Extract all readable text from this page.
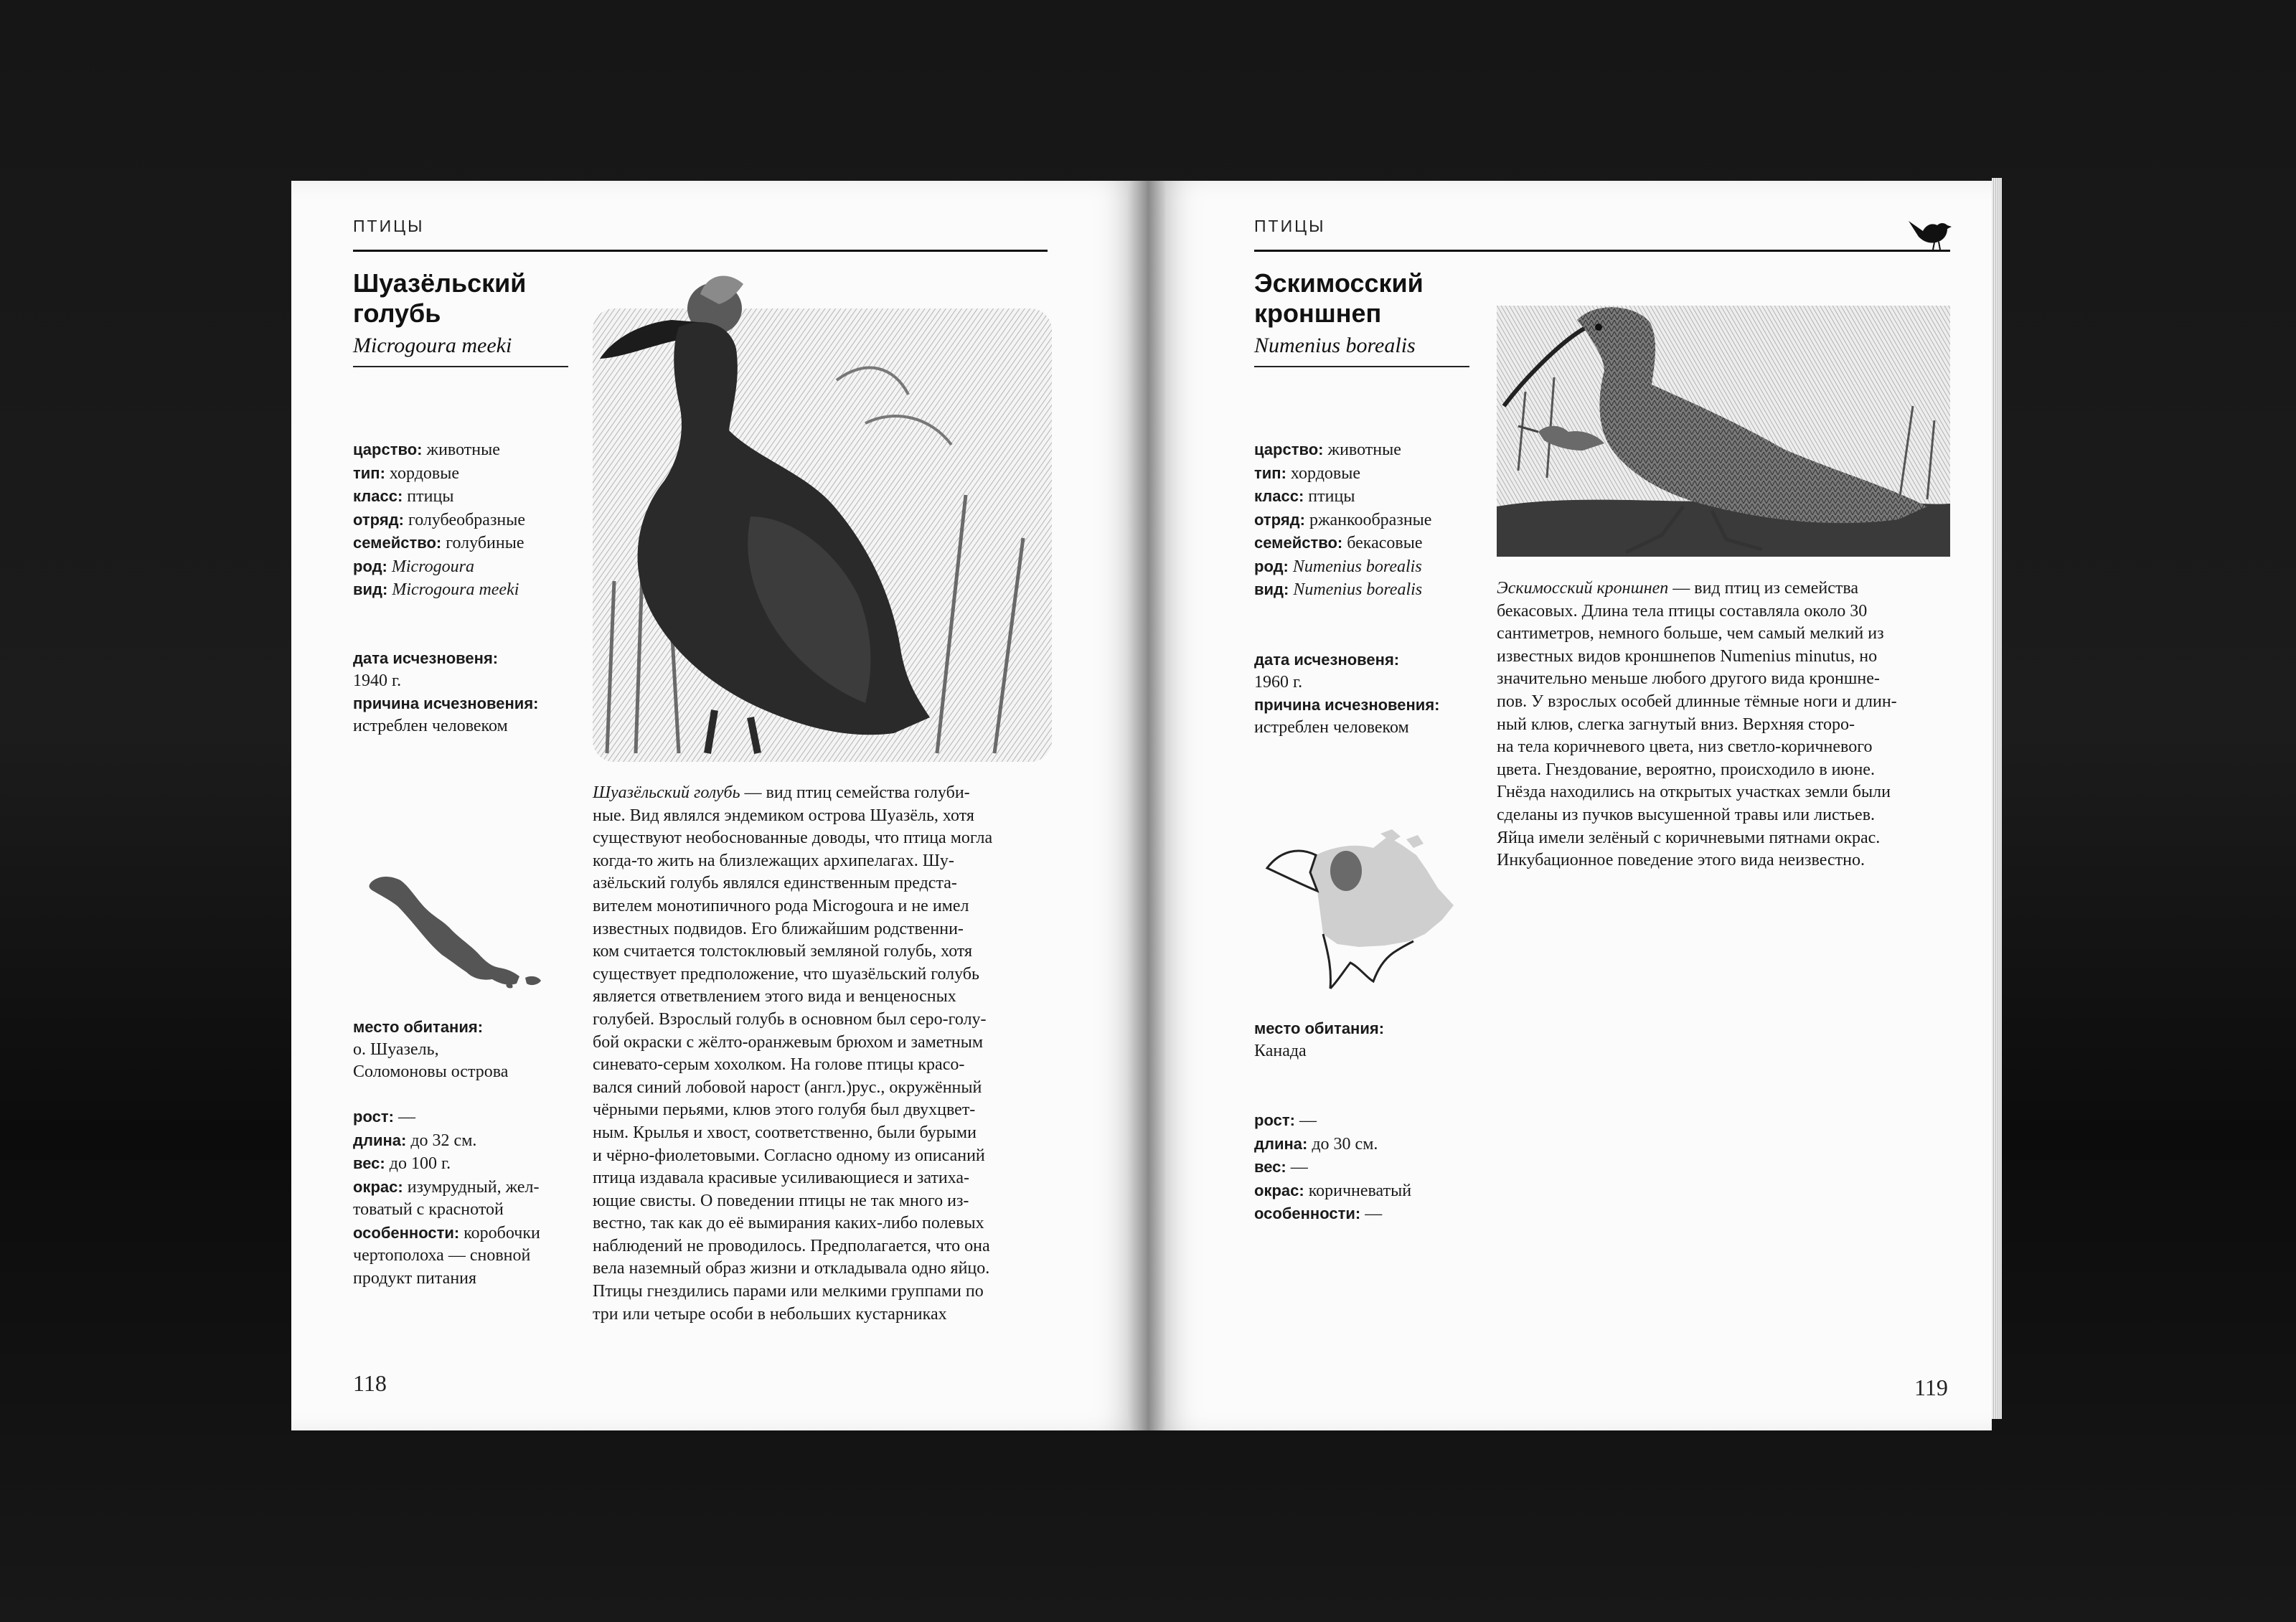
ПТИЦЫ
Шуазёльский
голубь
Microgoura meeki
царство: животные
тип: хордовые
класс: птицы
отряд: голубеобразные
семейство: голубиные
род: Microgoura
вид: Microgoura meeki
дата исчезновеня:
1940 г.
причина исчезновения:
истреблен человеком
место обитания:
о. Шуазель,
Соломоновы острова
рост: —
длина: до 32 см.
вес: до 100 г.
окрас: изумрудный, жел-
товатый с краснотой
особенности: коробочки
чертополоха — сновной
продукт питания
Шуазёльский голубь — вид птиц семейства голуби-
ные. Вид являлся эндемиком острова Шуазёль, хотя
существуют необоснованные доводы, что птица могла
когда-то жить на близлежащих архипелагах. Шу-
азёльский голубь являлся единственным предста-
вителем монотипичного рода Microgoura и не имел
известных подвидов. Его ближайшим родственни-
ком считается толстоклювый земляной голубь, хотя
существует предположение, что шуазёльский голубь
является ответвлением этого вида и венценосных
голубей. Взрослый голубь в основном был серо-голу-
бой окраски с жёлто-оранжевым брюхом и заметным
синевато-серым хохолком. На голове птицы красо-
вался синий лобовой нарост (англ.)рус., окружённый
чёрными перьями, клюв этого голубя был двухцвет-
ным. Крылья и хвост, соответственно, были бурыми
и чёрно-фиолетовыми. Согласно одному из описаний
птица издавала красивые усиливающиеся и затиха-
ющие свисты. О поведении птицы не так много из-
вестно, так как до её вымирания каких-либо полевых
наблюдений не проводилось. Предполагается, что она
вела наземный образ жизни и откладывала одно яйцо.
Птицы гнездились парами или мелкими группами по
три или четыре особи в небольших кустарниках
118
ПТИЦЫ
Эскимосский
кроншнеп
Numenius borealis
царство: животные
тип: хордовые
класс: птицы
отряд: ржанкообразные
семейство: бекасовые
род: Numenius borealis
вид: Numenius borealis
дата исчезновеня:
1960 г.
причина исчезновения:
истреблен человеком
Эскимосский кроншнеп — вид птиц из семейства
бекасовых. Длина тела птицы составляла около 30
сантиметров, немного больше, чем самый мелкий из
известных видов кроншнепов Numenius minutus, но
значительно меньше любого другого вида кроншне-
пов. У взрослых особей длинные тёмные ноги и длин-
ный клюв, слегка загнутый вниз. Верхняя сторо-
на тела коричневого цвета, низ светло-коричневого
цвета. Гнездование, вероятно, происходило в июне.
Гнёзда находились на открытых участках земли были
сделаны из пучков высушенной травы или листьев.
Яйца имели зелёный с коричневыми пятнами окрас.
Инкубационное поведение этого вида неизвестно.
место обитания:
Канада
рост: —
длина: до 30 см.
вес: —
окрас: коричневатый
особенности: —
119
